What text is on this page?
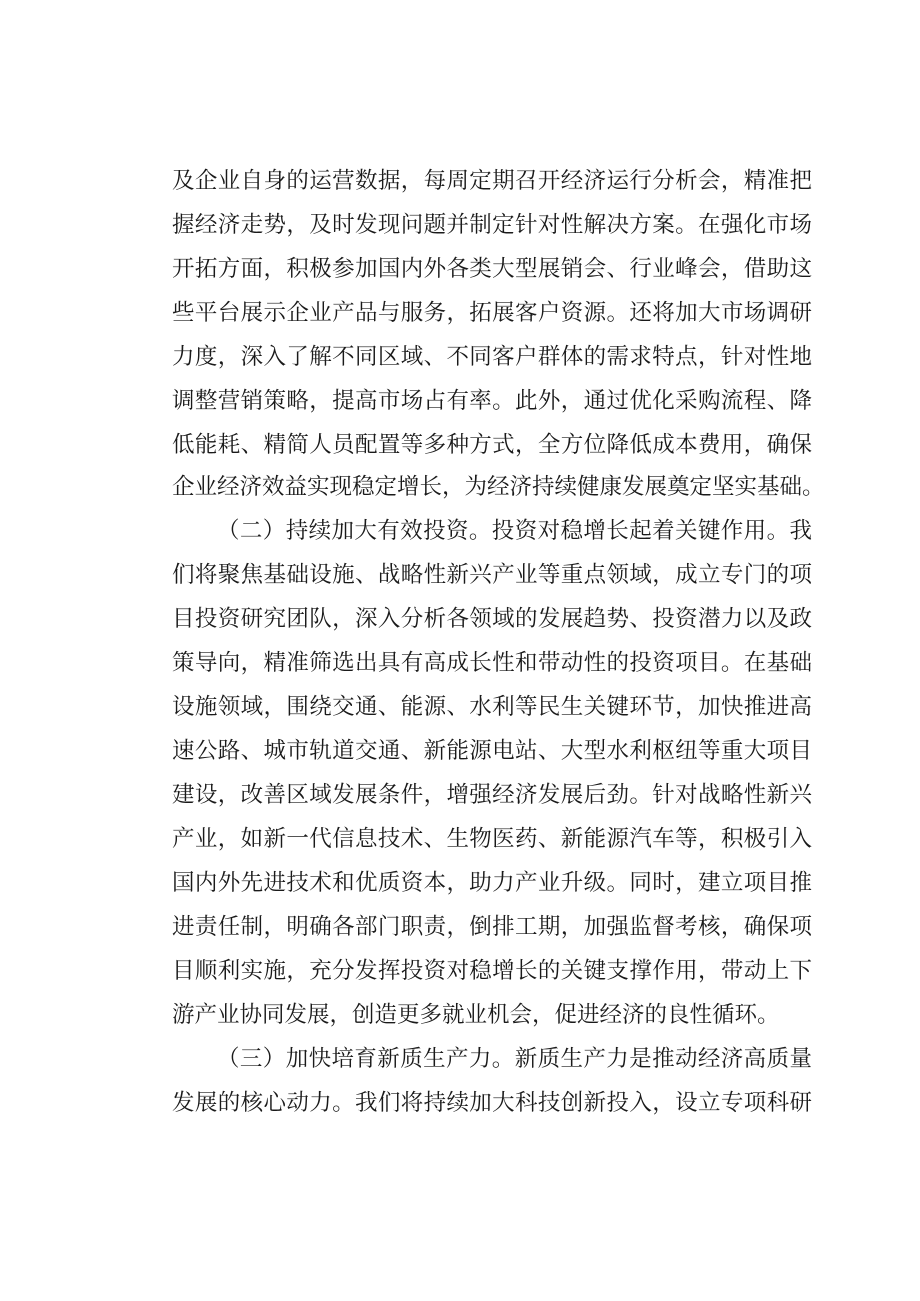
及企业自身的运营数据，每周定期召开经济运行分析会，精准把
握经济走势，及时发现问题并制定针对性解决方案。在强化市场
开拓方面，积极参加国内外各类大型展销会、行业峰会，借助这
些平台展示企业产品与服务，拓展客户资源。还将加大市场调研
力度，深入了解不同区域、不同客户群体的需求特点，针对性地
调整营销策略，提高市场占有率。此外，通过优化采购流程、降
低能耗、精简人员配置等多种方式，全方位降低成本费用，确保
企业经济效益实现稳定增长，为经济持续健康发展奠定坚实基础。
（二）持续加大有效投资。投资对稳增长起着关键作用。我
们将聚焦基础设施、战略性新兴产业等重点领域，成立专门的项
目投资研究团队，深入分析各领域的发展趋势、投资潜力以及政
策导向，精准筛选出具有高成长性和带动性的投资项目。在基础
设施领域，围绕交通、能源、水利等民生关键环节，加快推进高
速公路、城市轨道交通、新能源电站、大型水利枢纽等重大项目
建设，改善区域发展条件，增强经济发展后劲。针对战略性新兴
产业，如新一代信息技术、生物医药、新能源汽车等，积极引入
国内外先进技术和优质资本，助力产业升级。同时，建立项目推
进责任制，明确各部门职责，倒排工期，加强监督考核，确保项
目顺利实施，充分发挥投资对稳增长的关键支撑作用，带动上下
游产业协同发展，创造更多就业机会，促进经济的良性循环。
（三）加快培育新质生产力。新质生产力是推动经济高质量
发展的核心动力。我们将持续加大科技创新投入，设立专项科研
